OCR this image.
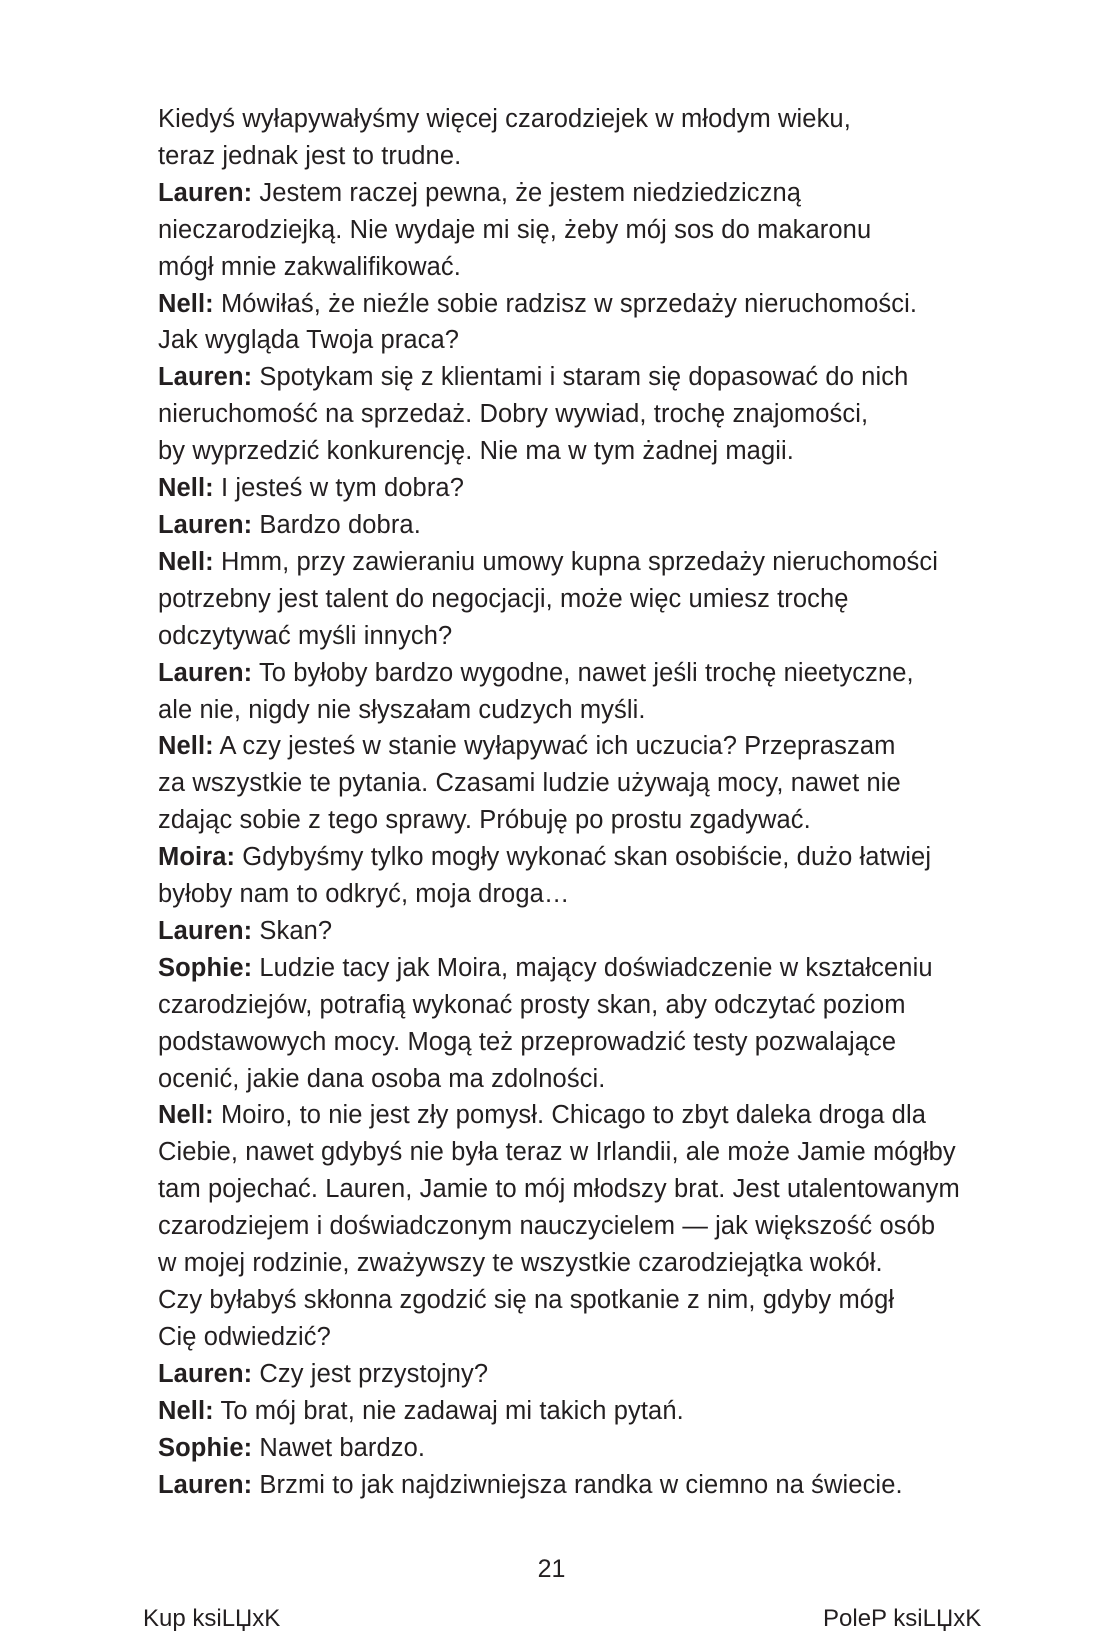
Kiedyś wyłapywałyśmy więcej czarodziejek w młodym wieku,
teraz jednak jest to trudne.
Lauren: Jestem raczej pewna, że jestem niedziedziczną
nieczarodziejką. Nie wydaje mi się, żeby mój sos do makaronu
mógł mnie zakwalifikować.
Nell: Mówiłaś, że nieźle sobie radzisz w sprzedaży nieruchomości.
Jak wygląda Twoja praca?
Lauren: Spotykam się z klientami i staram się dopasować do nich
nieruchomość na sprzedaż. Dobry wywiad, trochę znajomości,
by wyprzedzić konkurencję. Nie ma w tym żadnej magii.
Nell: I jesteś w tym dobra?
Lauren: Bardzo dobra.
Nell: Hmm, przy zawieraniu umowy kupna sprzedaży nieruchomości
potrzebny jest talent do negocjacji, może więc umiesz trochę
odczytywać myśli innych?
Lauren: To byłoby bardzo wygodne, nawet jeśli trochę nieetyczne,
ale nie, nigdy nie słyszałam cudzych myśli.
Nell: A czy jesteś w stanie wyłapywać ich uczucia? Przepraszam
za wszystkie te pytania. Czasami ludzie używają mocy, nawet nie
zdając sobie z tego sprawy. Próbuję po prostu zgadywać.
Moira: Gdybyśmy tylko mogły wykonać skan osobiście, dużo łatwiej
byłoby nam to odkryć, moja droga…
Lauren: Skan?
Sophie: Ludzie tacy jak Moira, mający doświadczenie w kształceniu
czarodziejów, potrafią wykonać prosty skan, aby odczytać poziom
podstawowych mocy. Mogą też przeprowadzić testy pozwalające
ocenić, jakie dana osoba ma zdolności.
Nell: Moiro, to nie jest zły pomysł. Chicago to zbyt daleka droga dla
Ciebie, nawet gdybyś nie była teraz w Irlandii, ale może Jamie mógłby
tam pojechać. Lauren, Jamie to mój młodszy brat. Jest utalentowanym
czarodziejem i doświadczonym nauczycielem — jak większość osób
w mojej rodzinie, zważywszy te wszystkie czarodziejątka wokół.
Czy byłabyś skłonna zgodzić się na spotkanie z nim, gdyby mógł
Cię odwiedzić?
Lauren: Czy jest przystojny?
Nell: To mój brat, nie zadawaj mi takich pytań.
Sophie: Nawet bardzo.
Lauren: Brzmi to jak najdziwniejsza randka w ciemno na świecie.
21
Kup ksiLЏxK	PoleP ksiLЏxK
